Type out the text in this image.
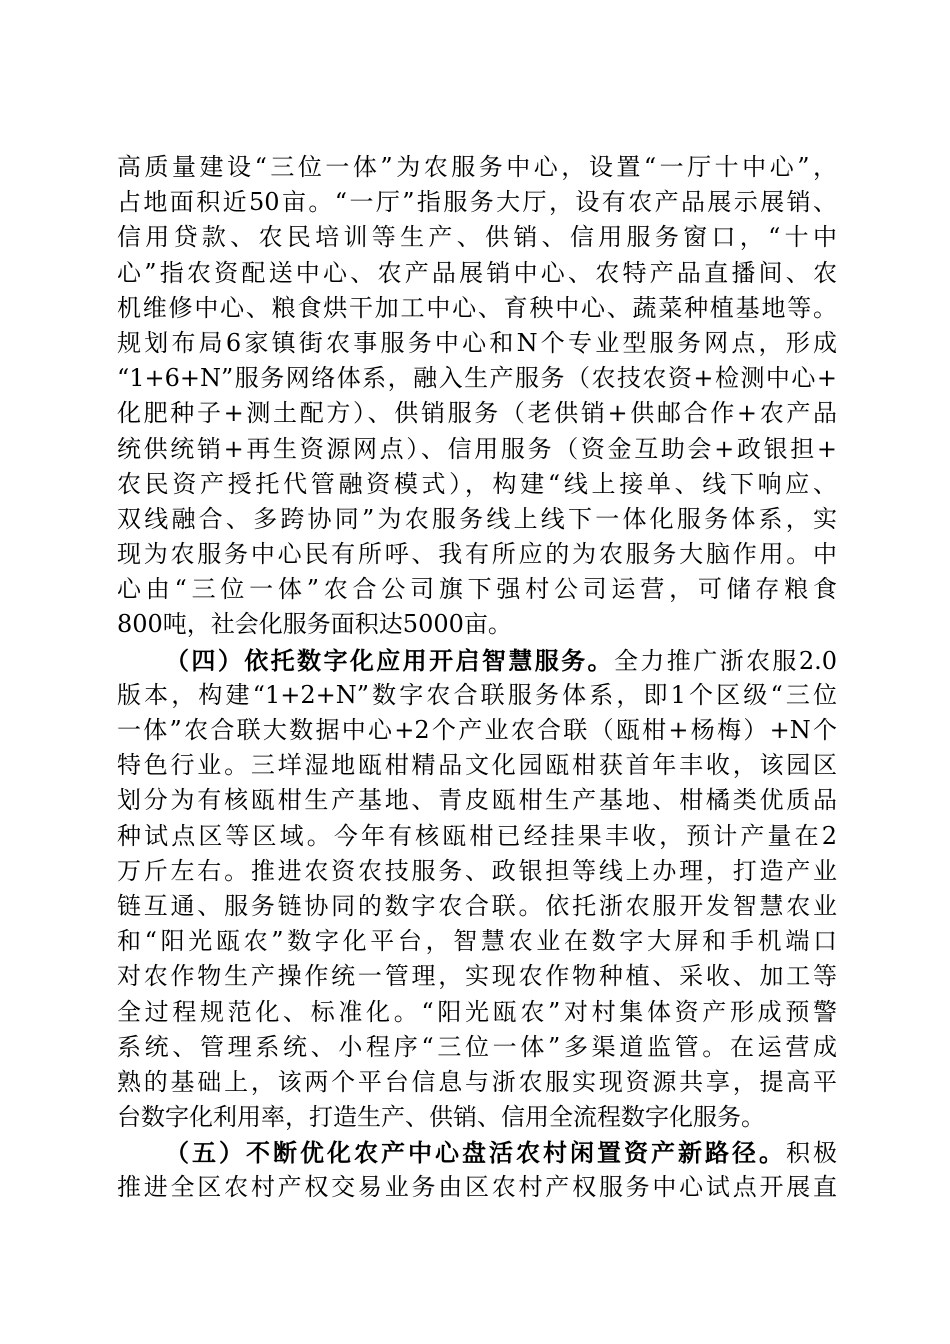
高质量建设“三位一体”为农服务中心，设置“一厅十中心”，
占地面积近50亩。“一厅”指服务大厅，设有农产品展示展销、
信用贷款、农民培训等生产、供销、信用服务窗口，“十中
心”指农资配送中心、农产品展销中心、农特产品直播间、农
机维修中心、粮食烘干加工中心、育秧中心、蔬菜种植基地等。
规划布局6家镇街农事服务中心和N个专业型服务网点，形成
“1+6+N”服务网络体系，融入生产服务（农技农资+检测中心+
化肥种子+测土配方）、供销服务（老供销+供邮合作+农产品
统供统销+再生资源网点）、信用服务（资金互助会+政银担+
农民资产授托代管融资模式），构建“线上接单、线下响应、
双线融合、多跨协同”为农服务线上线下一体化服务体系，实
现为农服务中心民有所呼、我有所应的为农服务大脑作用。中
心由“三位一体”农合公司旗下强村公司运营，可储存粮食
800吨，社会化服务面积达5000亩。
（四）依托数字化应用开启智慧服务。全力推广浙农服2.0
版本，构建“1+2+N”数字农合联服务体系，即1个区级“三位
一体”农合联大数据中心+2个产业农合联（瓯柑+杨梅）+N个
特色行业。三垟湿地瓯柑精品文化园瓯柑获首年丰收，该园区
划分为有核瓯柑生产基地、青皮瓯柑生产基地、柑橘类优质品
种试点区等区域。今年有核瓯柑已经挂果丰收，预计产量在2
万斤左右。推进农资农技服务、政银担等线上办理，打造产业
链互通、服务链协同的数字农合联。依托浙农服开发智慧农业
和“阳光瓯农”数字化平台，智慧农业在数字大屏和手机端口
对农作物生产操作统一管理，实现农作物种植、采收、加工等
全过程规范化、标准化。“阳光瓯农”对村集体资产形成预警
系统、管理系统、小程序“三位一体”多渠道监管。在运营成
熟的基础上，该两个平台信息与浙农服实现资源共享，提高平
台数字化利用率，打造生产、供销、信用全流程数字化服务。
（五）不断优化农产中心盘活农村闲置资产新路径。积极
推进全区农村产权交易业务由区农村产权服务中心试点开展直
